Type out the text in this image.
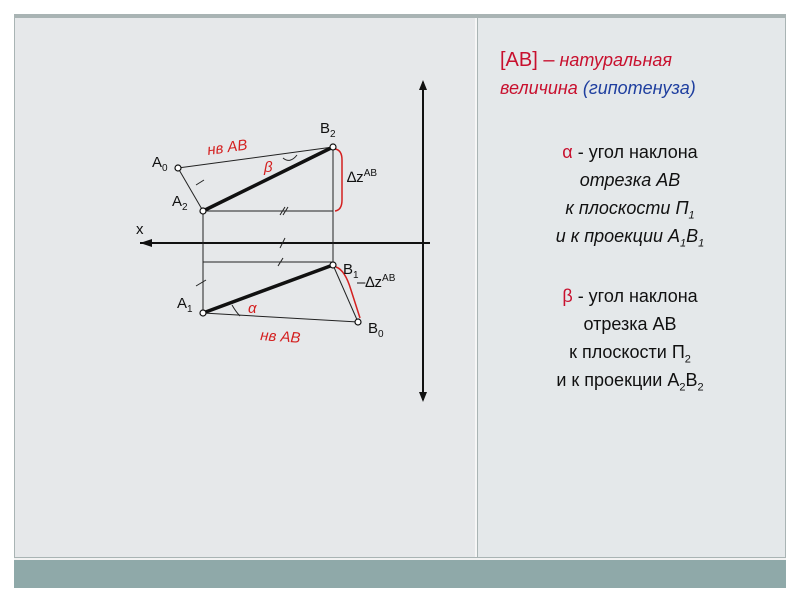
x
$A_0$
$A_2$
$B_2$
$B_1$
$A_1$
$B_0$
нв АВ
нв АВ
β
α
$\Delta z^{AB}$
$-\Delta z^{AB}$
[АВ] – натуральная
величина (гипотенуза)
α - угол наклона
отрезка АВ
к плоскости $П_1$
и к проекции $А_1В_1$
β - угол наклона
отрезка АВ
к плоскости $П_2$
и к проекции $А_2В_2$
